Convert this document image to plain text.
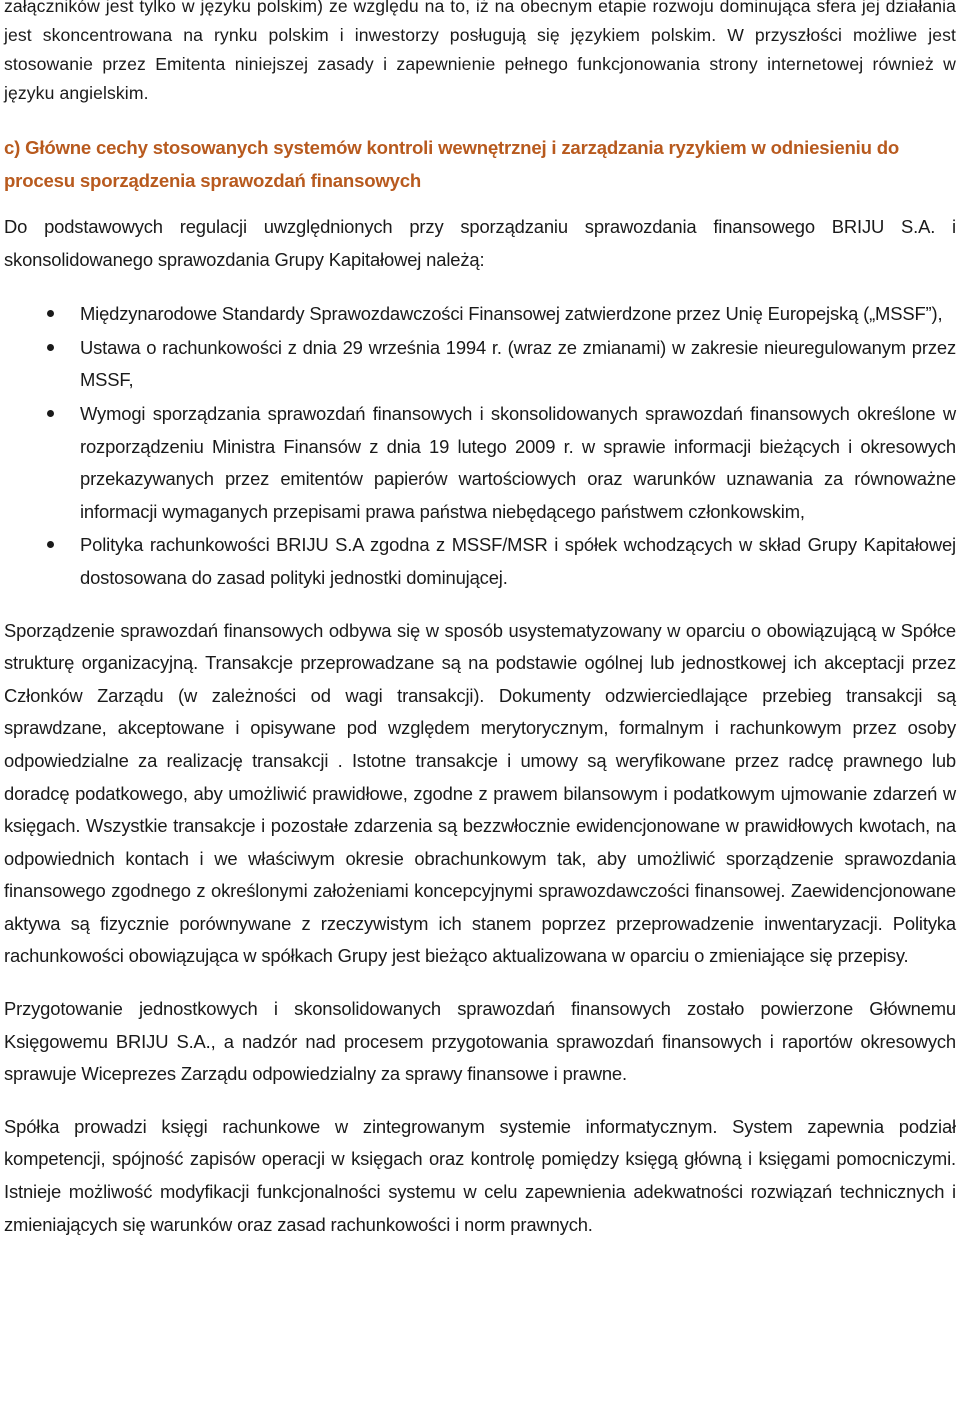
załączników jest tylko w języku polskim) ze względu na to, iż na obecnym etapie rozwoju dominująca sfera jej działania jest skoncentrowana na rynku polskim i inwestorzy posługują się językiem polskim. W przyszłości możliwe jest stosowanie przez Emitenta niniejszej zasady i zapewnienie pełnego funkcjonowania strony internetowej również w języku angielskim.

c) Główne cechy stosowanych systemów kontroli wewnętrznej i zarządzania ryzykiem w odniesieniu do procesu sporządzenia sprawozdań finansowych

Do podstawowych regulacji uwzględnionych przy sporządzaniu sprawozdania finansowego BRIJU S.A. i skonsolidowanego sprawozdania Grupy Kapitałowej należą:

Międzynarodowe Standardy Sprawozdawczości Finansowej zatwierdzone przez Unię Europejską („MSSF”),
Ustawa o rachunkowości z dnia 29 września 1994 r. (wraz ze zmianami) w zakresie nieuregulowanym przez MSSF,
Wymogi sporządzania sprawozdań finansowych i skonsolidowanych sprawozdań finansowych określone w rozporządzeniu Ministra Finansów z dnia 19 lutego 2009 r. w sprawie informacji bieżących i okresowych przekazywanych przez emitentów papierów wartościowych oraz warunków uznawania za równoważne informacji wymaganych przepisami prawa państwa niebędącego państwem członkowskim,
Polityka rachunkowości BRIJU S.A zgodna z MSSF/MSR i spółek wchodzących w skład Grupy Kapitałowej dostosowana do zasad polityki jednostki dominującej.

Sporządzenie sprawozdań finansowych odbywa się w sposób usystematyzowany w oparciu o obowiązującą w Spółce strukturę organizacyjną. Transakcje przeprowadzane są na podstawie ogólnej lub jednostkowej ich akceptacji przez Członków Zarządu (w zależności od wagi transakcji). Dokumenty odzwierciedlające przebieg transakcji są sprawdzane, akceptowane i opisywane pod względem merytorycznym, formalnym i rachunkowym przez osoby odpowiedzialne za realizację transakcji . Istotne transakcje i umowy są weryfikowane przez radcę prawnego lub doradcę podatkowego, aby umożliwić prawidłowe, zgodne z prawem bilansowym i podatkowym ujmowanie zdarzeń w księgach. Wszystkie transakcje i pozostałe zdarzenia są bezzwłocznie ewidencjonowane w prawidłowych kwotach, na odpowiednich kontach i we właściwym okresie obrachunkowym tak, aby umożliwić sporządzenie sprawozdania finansowego zgodnego z określonymi założeniami koncepcyjnymi sprawozdawczości finansowej. Zaewidencjonowane aktywa są fizycznie porównywane z rzeczywistym ich stanem poprzez przeprowadzenie inwentaryzacji. Polityka rachunkowości obowiązująca w spółkach Grupy jest bieżąco aktualizowana w oparciu o zmieniające się przepisy.

Przygotowanie jednostkowych i skonsolidowanych sprawozdań finansowych zostało powierzone Głównemu Księgowemu BRIJU S.A., a nadzór nad procesem przygotowania sprawozdań finansowych i raportów okresowych sprawuje Wiceprezes Zarządu odpowiedzialny za sprawy finansowe i prawne.

Spółka prowadzi księgi rachunkowe w zintegrowanym systemie informatycznym. System zapewnia podział kompetencji, spójność zapisów operacji w księgach oraz kontrolę pomiędzy księgą główną i księgami pomocniczymi. Istnieje możliwość modyfikacji funkcjonalności systemu w celu zapewnienia adekwatności rozwiązań technicznych i zmieniających się warunków oraz zasad rachunkowości i norm prawnych.
